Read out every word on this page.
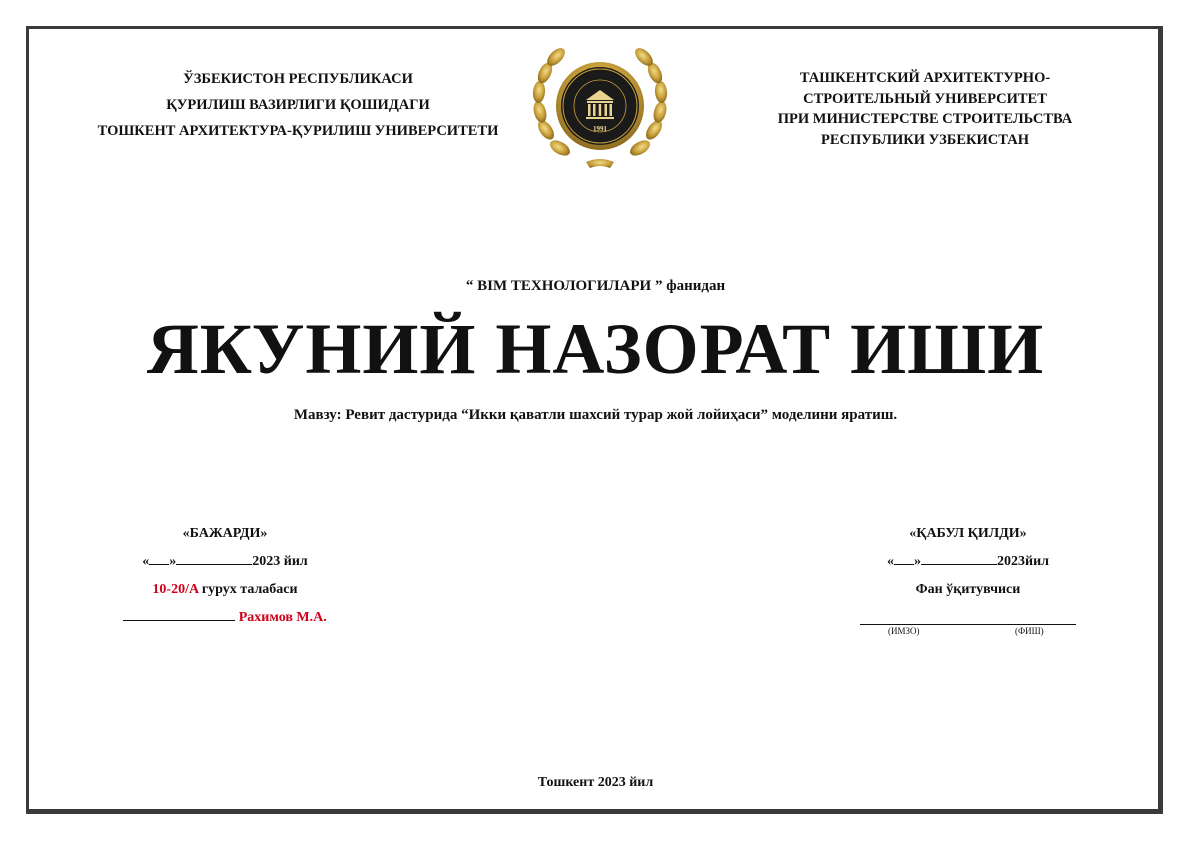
ЎЗБЕКИСТОН РЕСПУБЛИКАСИ
ҚУРИЛИШ ВАЗИРЛИГИ ҚОШИДАГИ
ТОШКЕНТ АРХИТЕКТУРА-ҚУРИЛИШ УНИВЕРСИТЕТИ	1991
ТАШКЕНТСКИЙ АРХИТЕКТУРНО-
СТРОИТЕЛЬНЫЙ УНИВЕРСИТЕТ
ПРИ МИНИСТЕРСТВЕ СТРОИТЕЛЬСТВА
РЕСПУБЛИКИ УЗБЕКИСТАН
“ BIM ТЕХНОЛОГИЛАРИ ” фанидан
ЯКУНИЙ НАЗОРАТ ИШИ
Мавзу: Ревит дастурида “Икки қаватли шахсий турар жой лойиҳаси” моделини яратиш.
«БАЖАРДИ»
« »	2023 йил
10-20/A гурух талабаси
Рахимов М.А.
«ҚАБУЛ ҚИЛДИ»
« »	2023йил
Фан ўқитувчиси
(ИМЗО)	(ФИШ)
Тошкент 2023 йил
